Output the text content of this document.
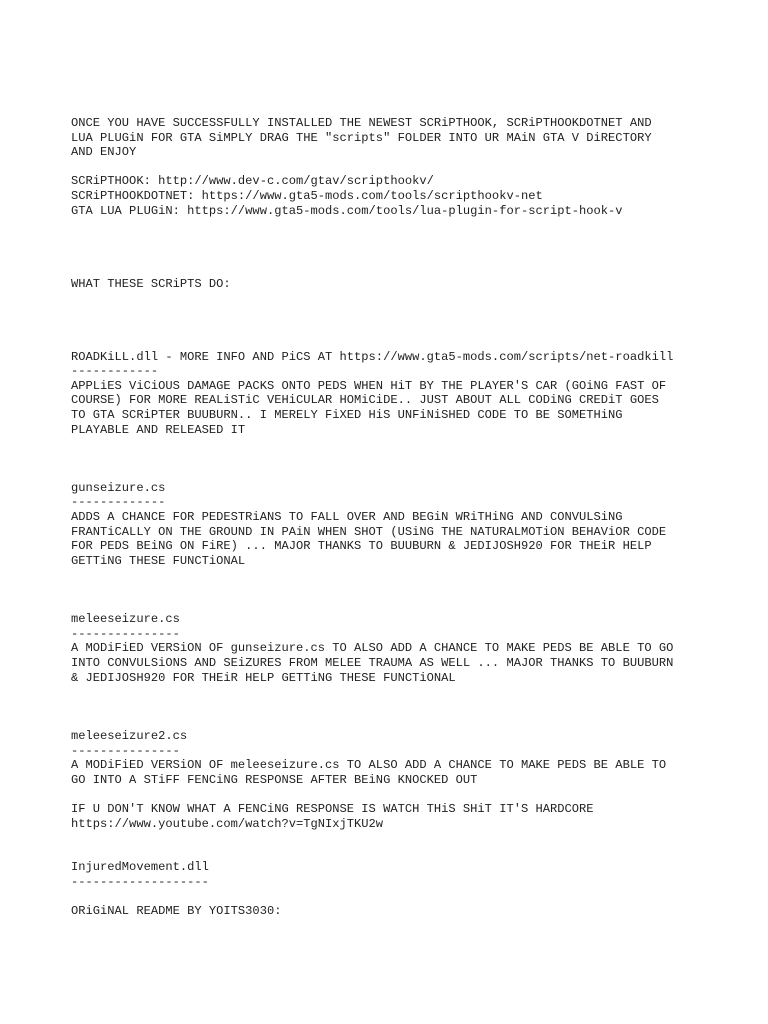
ONCE YOU HAVE SUCCESSFULLY INSTALLED THE NEWEST SCRiPTHOOK, SCRiPTHOOKDOTNET AND
LUA PLUGiN FOR GTA SiMPLY DRAG THE "scripts" FOLDER INTO UR MAiN GTA V DiRECTORY
AND ENJOY
SCRiPTHOOK: http://www.dev-c.com/gtav/scripthookv/
SCRiPTHOOKDOTNET: https://www.gta5-mods.com/tools/scripthookv-net
GTA LUA PLUGiN: https://www.gta5-mods.com/tools/lua-plugin-for-script-hook-v
WHAT THESE SCRiPTS DO:
ROADKiLL.dll - MORE INFO AND PiCS AT https://www.gta5-mods.com/scripts/net-roadkill
------------
APPLiES ViCiOUS DAMAGE PACKS ONTO PEDS WHEN HiT BY THE PLAYER'S CAR (GOiNG FAST OF
COURSE) FOR MORE REALiSTiC VEHiCULAR HOMiCiDE.. JUST ABOUT ALL CODiNG CREDiT GOES
TO GTA SCRiPTER BUUBURN.. I MERELY FiXED HiS UNFiNiSHED CODE TO BE SOMETHiNG
PLAYABLE AND RELEASED IT
gunseizure.cs
-------------
ADDS A CHANCE FOR PEDESTRiANS TO FALL OVER AND BEGiN WRiTHiNG AND CONVULSiNG
FRANTiCALLY ON THE GROUND IN PAiN WHEN SHOT (USiNG THE NATURALMOTiON BEHAViOR CODE
FOR PEDS BEiNG ON FiRE) ... MAJOR THANKS TO BUUBURN & JEDIJOSH920 FOR THEiR HELP
GETTiNG THESE FUNCTiONAL
meleeseizure.cs
---------------
A MODiFiED VERSiON OF gunseizure.cs TO ALSO ADD A CHANCE TO MAKE PEDS BE ABLE TO GO
INTO CONVULSiONS AND SEiZURES FROM MELEE TRAUMA AS WELL ... MAJOR THANKS TO BUUBURN
& JEDIJOSH920 FOR THEiR HELP GETTiNG THESE FUNCTiONAL
meleeseizure2.cs
---------------
A MODiFiED VERSiON OF meleeseizure.cs TO ALSO ADD A CHANCE TO MAKE PEDS BE ABLE TO
GO INTO A STiFF FENCiNG RESPONSE AFTER BEiNG KNOCKED OUT
IF U DON'T KNOW WHAT A FENCiNG RESPONSE IS WATCH THiS SHiT IT'S HARDCORE
https://www.youtube.com/watch?v=TgNIxjTKU2w
InjuredMovement.dll
-------------------
ORiGiNAL README BY YOITS3030:
